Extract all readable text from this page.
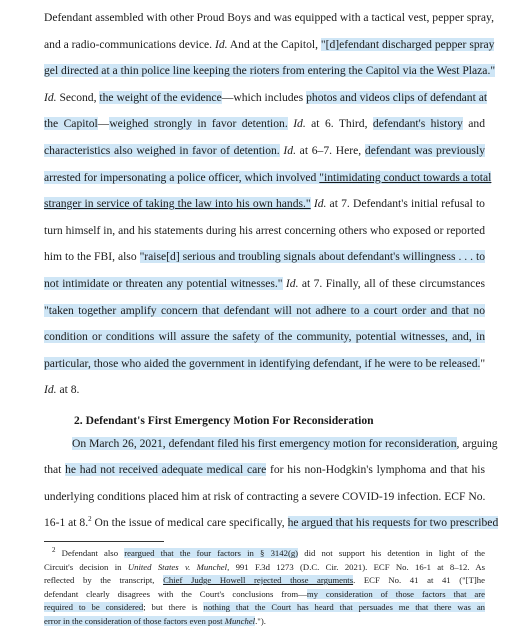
Defendant assembled with other Proud Boys and was equipped with a tactical vest, pepper spray,
and a radio-communications device. Id. And at the Capitol, "[d]efendant discharged pepper spray
gel directed at a thin police line keeping the rioters from entering the Capitol via the West Plaza."
Id. Second, the weight of the evidence—which includes photos and videos clips of defendant at
the Capitol—weighed strongly in favor detention. Id. at 6. Third, defendant's history and
characteristics also weighed in favor of detention. Id. at 6–7. Here, defendant was previously
arrested for impersonating a police officer, which involved "intimidating conduct towards a total
stranger in service of taking the law into his own hands." Id. at 7. Defendant's initial refusal to
turn himself in, and his statements during his arrest concerning others who exposed or reported
him to the FBI, also "raise[d] serious and troubling signals about defendant's willingness . . . to
not intimidate or threaten any potential witnesses." Id. at 7. Finally, all of these circumstances
"taken together amplify concern that defendant will not adhere to a court order and that no
condition or conditions will assure the safety of the community, potential witnesses, and, in
particular, those who aided the government in identifying defendant, if he were to be released."
Id. at 8.
2. Defendant's First Emergency Motion For Reconsideration
On March 26, 2021, defendant filed his first emergency motion for reconsideration, arguing
that he had not received adequate medical care for his non-Hodgkin's lymphoma and that his
underlying conditions placed him at risk of contracting a severe COVID-19 infection. ECF No.
16-1 at 8.$^2$ On the issue of medical care specifically, he argued that his requests for two prescribed
$^2$ Defendant also reargued that the four factors in § 3142(g) did not support his detention in light of the
Circuit's decision in United States v. Munchel, 991 F.3d 1273 (D.C. Cir. 2021). ECF No. 16-1 at 8–12. As
reflected by the transcript, Chief Judge Howell rejected those arguments. ECF No. 41 at 41 ("[T]he
defendant clearly disagrees with the Court's conclusions from—my consideration of those factors that are
required to be considered; but there is nothing that the Court has heard that persuades me that there was an
error in the consideration of those factors even post Munchel.").
